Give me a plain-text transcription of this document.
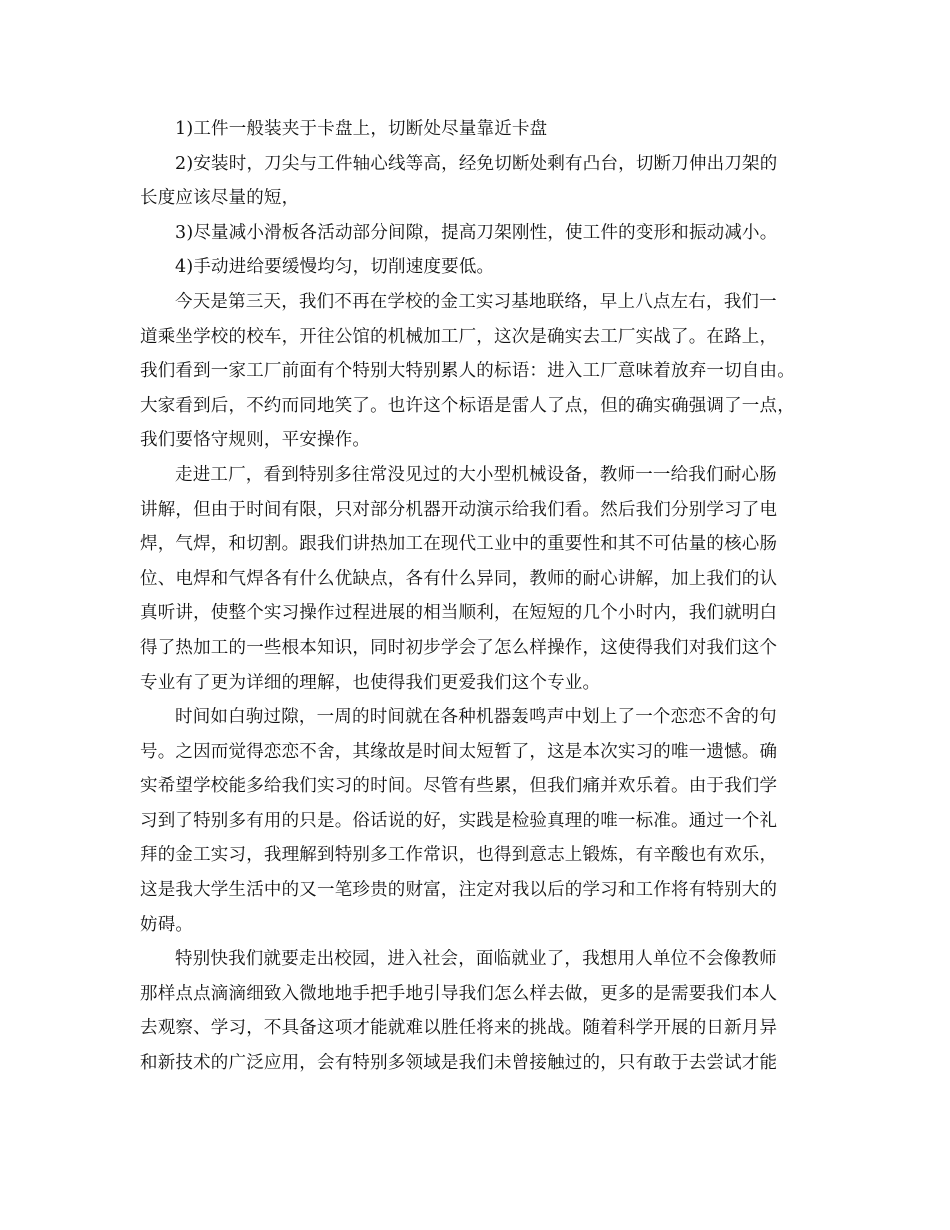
1)工件一般装夹于卡盘上，切断处尽量靠近卡盘
2)安装时，刀尖与工件轴心线等高，经免切断处剩有凸台，切断刀伸出刀架的
长度应该尽量的短，
3)尽量减小滑板各活动部分间隙，提高刀架刚性，使工件的变形和振动减小。
4)手动进给要缓慢均匀，切削速度要低。
今天是第三天，我们不再在学校的金工实习基地联络，早上八点左右，我们一
道乘坐学校的校车，开往公馆的机械加工厂，这次是确实去工厂实战了。在路上，
我们看到一家工厂前面有个特别大特别累人的标语：进入工厂意味着放弃一切自由。
大家看到后，不约而同地笑了。也许这个标语是雷人了点，但的确实确强调了一点，
我们要恪守规则，平安操作。
走进工厂，看到特别多往常没见过的大小型机械设备，教师一一给我们耐心肠
讲解，但由于时间有限，只对部分机器开动演示给我们看。然后我们分别学习了电
焊，气焊，和切割。跟我们讲热加工在现代工业中的重要性和其不可估量的核心肠
位、电焊和气焊各有什么优缺点，各有什么异同，教师的耐心讲解，加上我们的认
真听讲，使整个实习操作过程进展的相当顺利，在短短的几个小时内，我们就明白
得了热加工的一些根本知识，同时初步学会了怎么样操作，这使得我们对我们这个
专业有了更为详细的理解，也使得我们更爱我们这个专业。
时间如白驹过隙，一周的时间就在各种机器轰鸣声中划上了一个恋恋不舍的句
号。之因而觉得恋恋不舍，其缘故是时间太短暂了，这是本次实习的唯一遗憾。确
实希望学校能多给我们实习的时间。尽管有些累，但我们痛并欢乐着。由于我们学
习到了特别多有用的只是。俗话说的好，实践是检验真理的唯一标准。通过一个礼
拜的金工实习，我理解到特别多工作常识，也得到意志上锻炼，有辛酸也有欢乐，
这是我大学生活中的又一笔珍贵的财富，注定对我以后的学习和工作将有特别大的
妨碍。
特别快我们就要走出校园，进入社会，面临就业了，我想用人单位不会像教师
那样点点滴滴细致入微地地手把手地引导我们怎么样去做，更多的是需要我们本人
去观察、学习，不具备这项才能就难以胜任将来的挑战。随着科学开展的日新月异
和新技术的广泛应用，会有特别多领域是我们未曾接触过的，只有敢于去尝试才能
